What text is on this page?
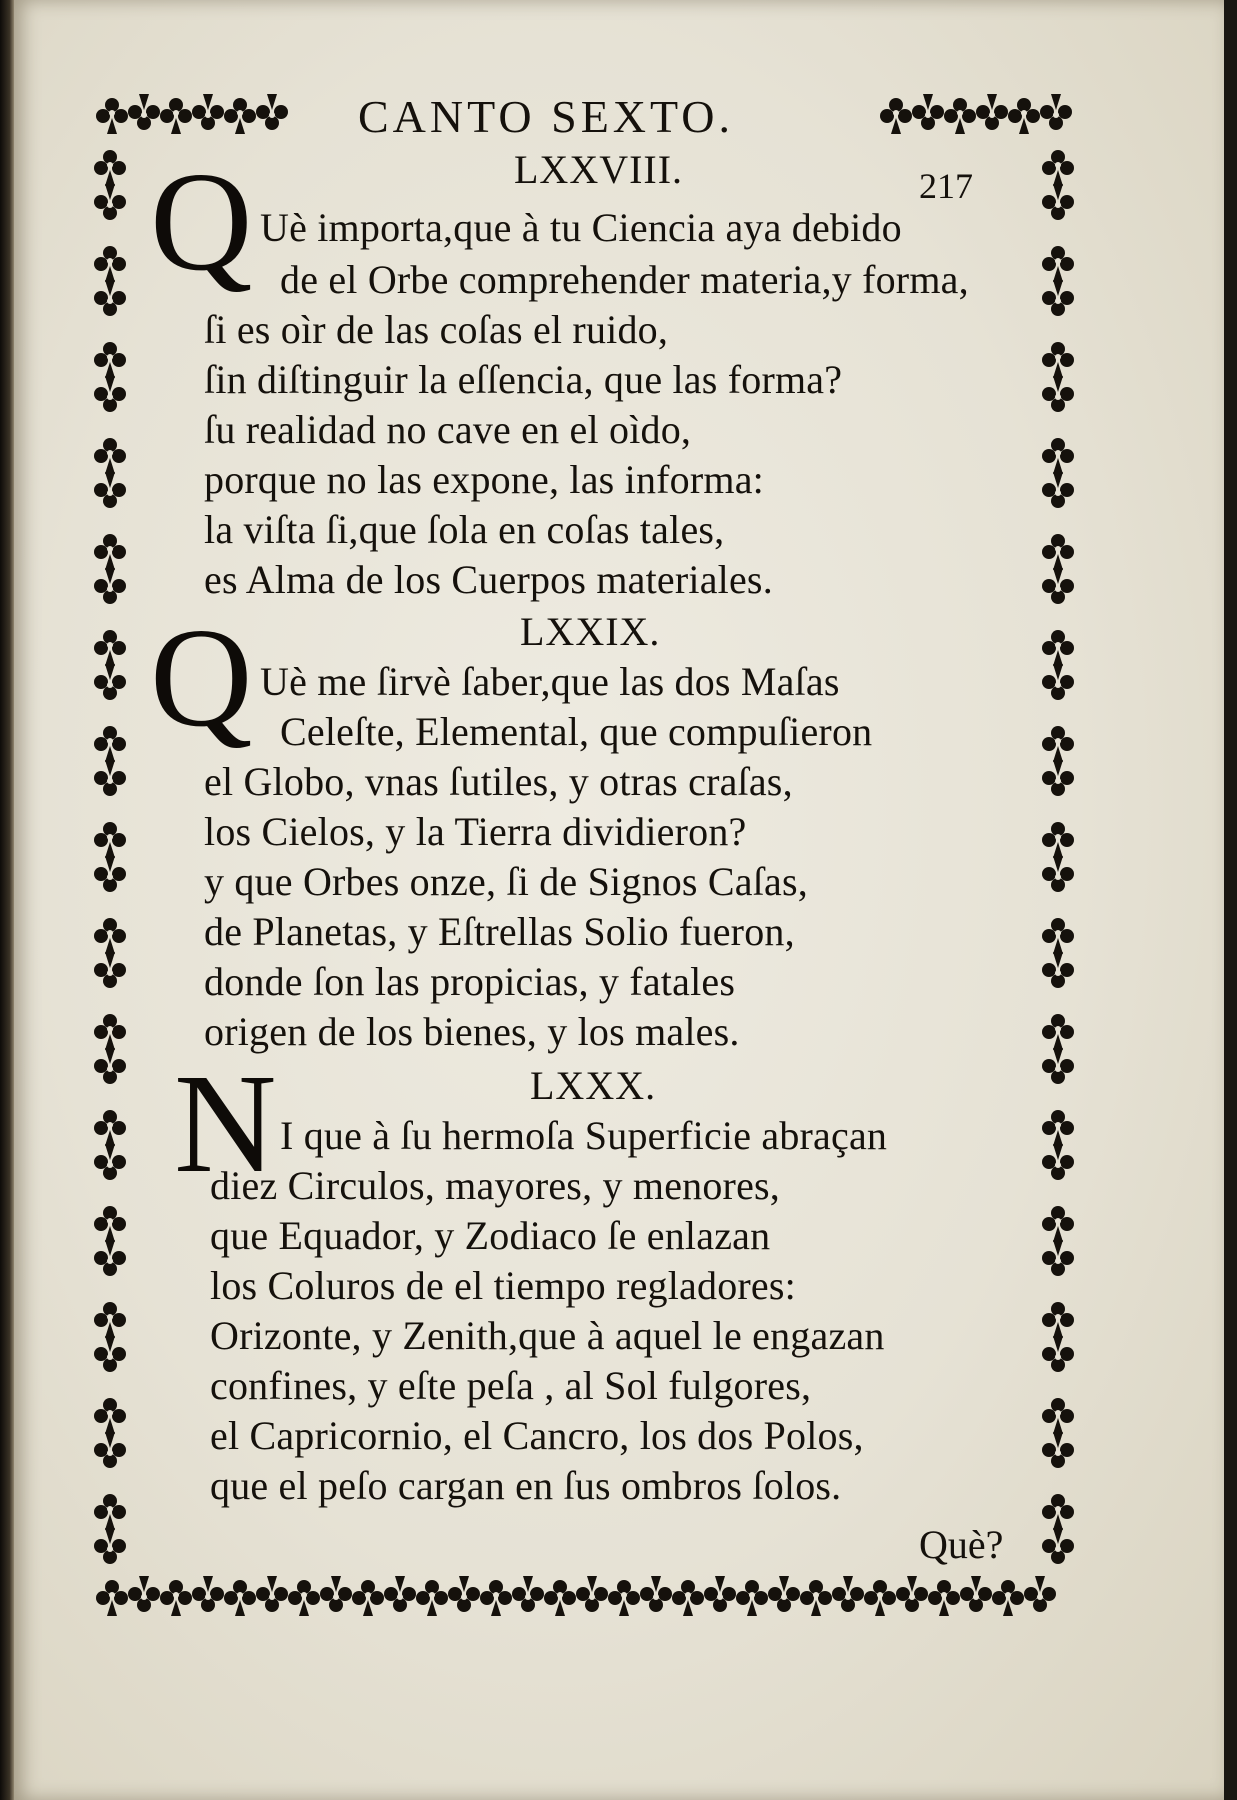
CANTO SEXTO.
217
LXXVIII.
Q Uè importa,que à tu Ciencia aya debido
de el Orbe comprehender materia,y forma,
ſi es oìr de las coſas el ruido,
ſin diſtinguir la eſſencia, que las forma?
ſu realidad no cave en el oìdo,
porque no las expone, las informa:
la viſta ſi,que ſola en coſas tales,
es Alma de los Cuerpos materiales.
LXXIX.
Q Uè me ſirvè ſaber,que las dos Maſas
Celeſte, Elemental, que compuſieron
el Globo, vnas ſutiles, y otras craſas,
los Cielos, y la Tierra dividieron?
y que Orbes onze, ſi de Signos Caſas,
de Planetas, y Eſtrellas Solio fueron,
donde ſon las propicias, y fatales
origen de los bienes, y los males.
LXXX.
N I que à ſu hermoſa Superficie abraçan
diez Circulos, mayores, y menores,
que Equador, y Zodiaco ſe enlazan
los Coluros de el tiempo regladores:
Orizonte, y Zenith,que à aquel le engazan
confines, y eſte peſa , al Sol fulgores,
el Capricornio, el Cancro, los dos Polos,
que el peſo cargan en ſus ombros ſolos.
Què?
